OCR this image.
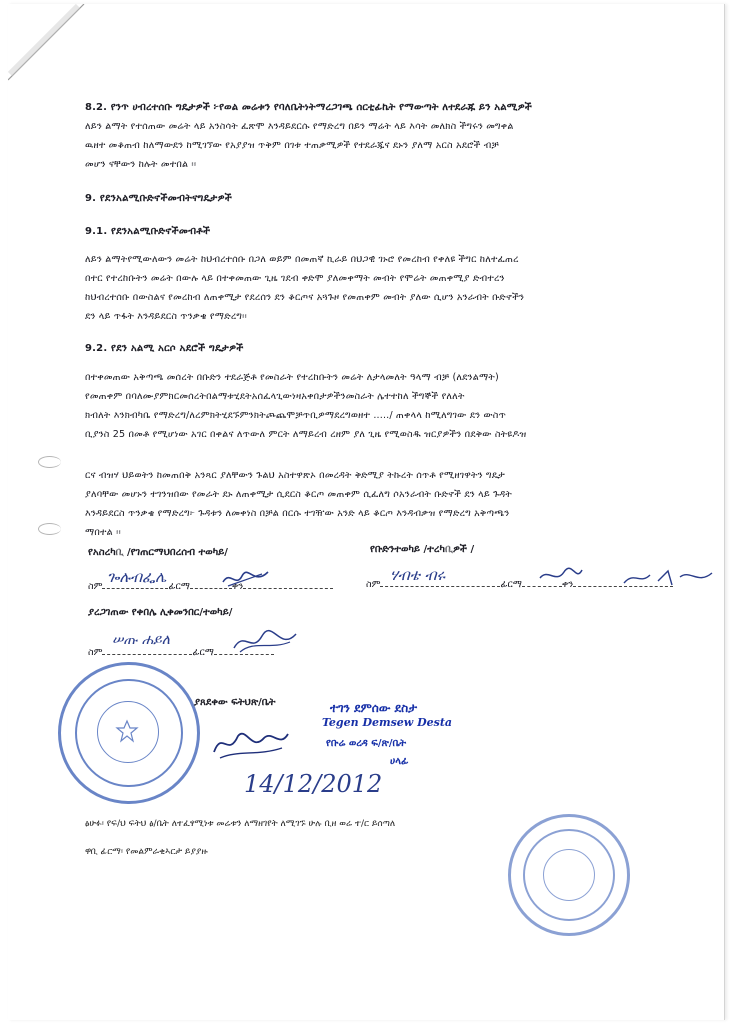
8.2. የንጥ ሀብረተሰቡ ግዴታዎች ፦የወል መሬቱን የባለቤትነትማረጋገጫ ሰርቲፊኬት የማውጣት ለተደራጁ ይን አልሚዎች
ለይን ልማት የተሰጠው መሬት ላይ አንስሳት ፈጽሞ እንዳይደርሱ የማድረግ በይን ማሬት ላይ እሳት መለክስ ችግሩን መግቀል
ዉዘተ መቆጠብ ከለማውደን ከሚገኘው የአያያዝ ጥቅም በገቱ ተጠቃሚዎች የተደራጁና ደኑን ያለማ አርስ አደሮች ብቻ
መሆን ናቸውን ከሉት መተበል ፡፡
9. የደንአልሚቡድኖችመብትናግዴታዎች
9.1. የደንአልሚቡድኖችመብቶች
ለይን ልማትየሚውለውን መሬት ከህብረተሰቡ በጋለ ወይም በመጠኛ ኪራይ በህጋዊ ገኑሮ የመረከብ የቀለዩ ችግር ከለተፈጠረ
በተር የተረከቡትን መሬት በውሉ ላይ በተቀመጠው ጊዜ ገደብ ቀድሞ ያለመቀማት መብት የሞሬት መጠቀሚያ ድብተረን
ከህብረተሰቡ በውስልና የመረከብ ለጠቀሚታ የደረሰን ደን ቆርጦና አጓጉዞ የመጠቀም መብት ያለው ሲሆን አንራብት ቡድኖችን
ደን ላይ ጥፋት እንዳይደርስ ጥንቃቄ የማድረግ፡፡
9.2. የደን አልሚ አርሶ አደሮች ግዴታዎች
በተቀመጠው አቅጣጫ መሰረት በቡድን ተደራጅቶ የመስራት የተረከቡትን መሬት ለታላመለት ዓላማ ብቻ (ለደንልማት)
የመጠቀም በባለሙያምክርመሰረትበልማቱሂደትአሰፈላጊውነዛአቀበታዎችንመስራት ሌተተከለ ችግኞች የለለት
ክብለት እንክብካቤ የማድረግ/ለረምክትሂደኙምንክትጮጨሞቻጥቢዎማደረግወዘተ ...../ ጠቀላላ ከሚለግገው ደን ውስጥ
ቢያንስ 25 በመቶ የሚሆነው አገር በቀልና ለጥውለ ምርት ለማይረብ ረዘም ያለ ጊዜ የሚወስዱ ዝርያዎችን በደቅው ስትዩዶዝ
ርና ብዝሃ ህይወትን ከመጠበቅ አንጻር ያለቸውን ጉልህ አስተዋጽኦ በመረዳት ቅድሚያ ትኩረት ሰጥቶ የሚዘገዋትን ግዴታ
ያለባቸው መሆኑን ተገንዝበው የመራት ደኑ ለጠቀሚታ ሲደርስ ቆርጦ መጠቀም ሲፈለግ ሶአንራብት ቡድኖች ደን ላይ ጉዳት
እንዳይደርስ ጥንቃቄ የማድረግ፦ ጉዳቱን ለመቀነስ በቻል በርሱ ተገዥው አንድ ላይ ቆርጦ እንዳብቃዝ የማድረግ አቅጣጫን
ማበተል ፡፡
የአስረካቢ /የገጠርማህበረሰብ ተወካይ/	የቡድንተወካይ /ተረካቢዎች /
ስም	ፊርማ	ቀን
ጐሉብፌሌ	ስም	ፊርማ	ቀን
ሃብቴ ብሩ
ያረጋገጠው የቀበሌ ሊቀመንበር/ተወካይ/
ስም	ፊርማ
ሠጡ ሐይለ
ያጸደቀው ፍትህጽ/ቤት	ተገን ደምሰው ደስታ
Tegen Demsew Desta
የቡሬ ወረዳ ፍ/ጽ/ቤት
ሀላፊ
14/12/2012
ፅሁፉ፡ የፍ/ህ ፍትህ ፅ/ቤት ለተፈፃሚነቱ መሬቱን ለማዘገየት ለሚገኙ ሁሉ ቢዘ ወሬ ተ/ር ይሰጣለ
ዋቢ ፊርማ፡ የመልምራቂኣርታ ይያያዙ
